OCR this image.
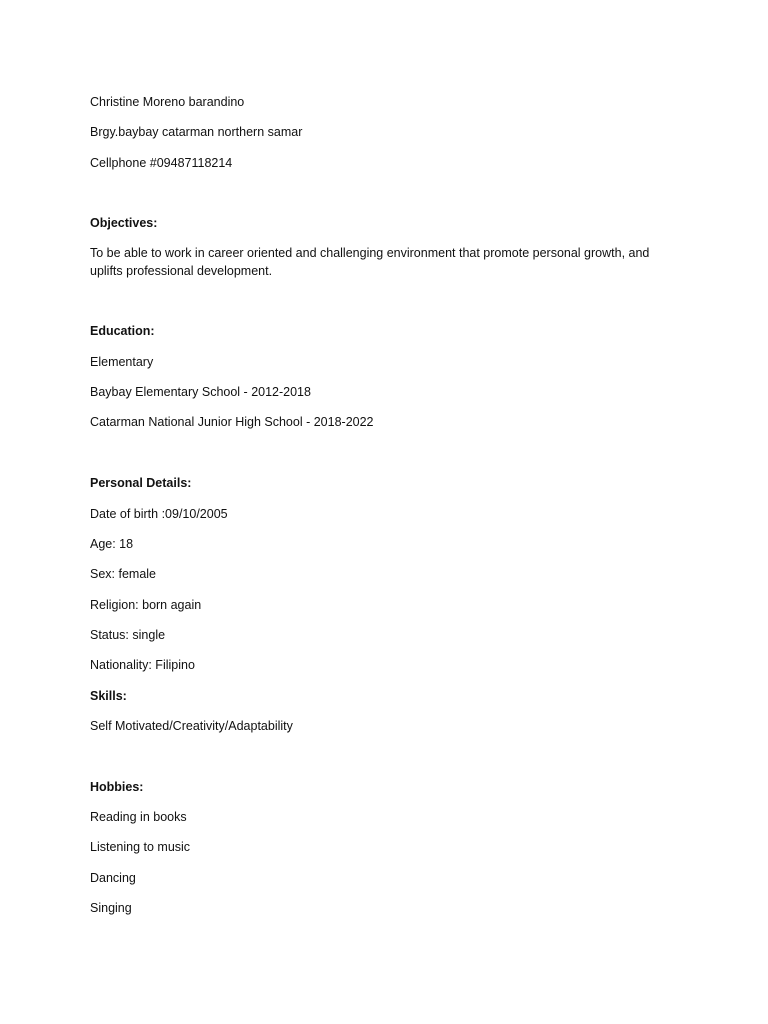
Christine Moreno barandino
Brgy.baybay catarman northern samar
Cellphone #09487118214
Objectives:
To be able to work in career oriented and challenging environment that promote personal growth, and
uplifts professional development.
Education:
Elementary
Baybay Elementary School - 2012-2018
Catarman National Junior High School - 2018-2022
Personal Details:
Date of birth :09/10/2005
Age: 18
Sex: female
Religion: born again
Status: single
Nationality: Filipino
Skills:
Self Motivated/Creativity/Adaptability
Hobbies:
Reading in books
Listening to music
Dancing
Singing
